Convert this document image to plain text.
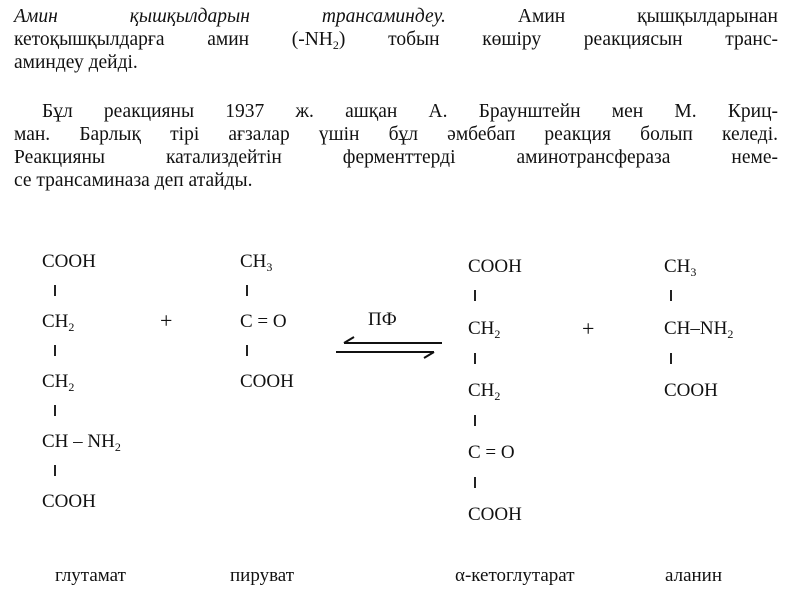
Амин қышқылдарын трансаминдеу.	Амин қышқылдарынан
кетоқышқылдарға амин $(-NH_2)$ тобын көшіру реакциясын транс-
аминдеу дейді.
Бұл реакцияны 1937 ж. ашқан А. Браунштейн мен М. Криц-
ман. Барлық тірі ағзалар үшін бұл әмбебап реакция болып келеді.
Реакцияны катализдейтін ферменттерді аминотрансфераза неме-
се трансаминаза деп атайды.
COOH
$CH_2$
$CH_2$
CH – $NH_2$
COOH
+
$CH_3$
C = O
COOH
ПФ
COOH
$CH_2$
$CH_2$
C = O
COOH
+
$CH_3$
$CH-NH_2$
COOH
глутамат	пируват	α-кетоглутарат	аланин
